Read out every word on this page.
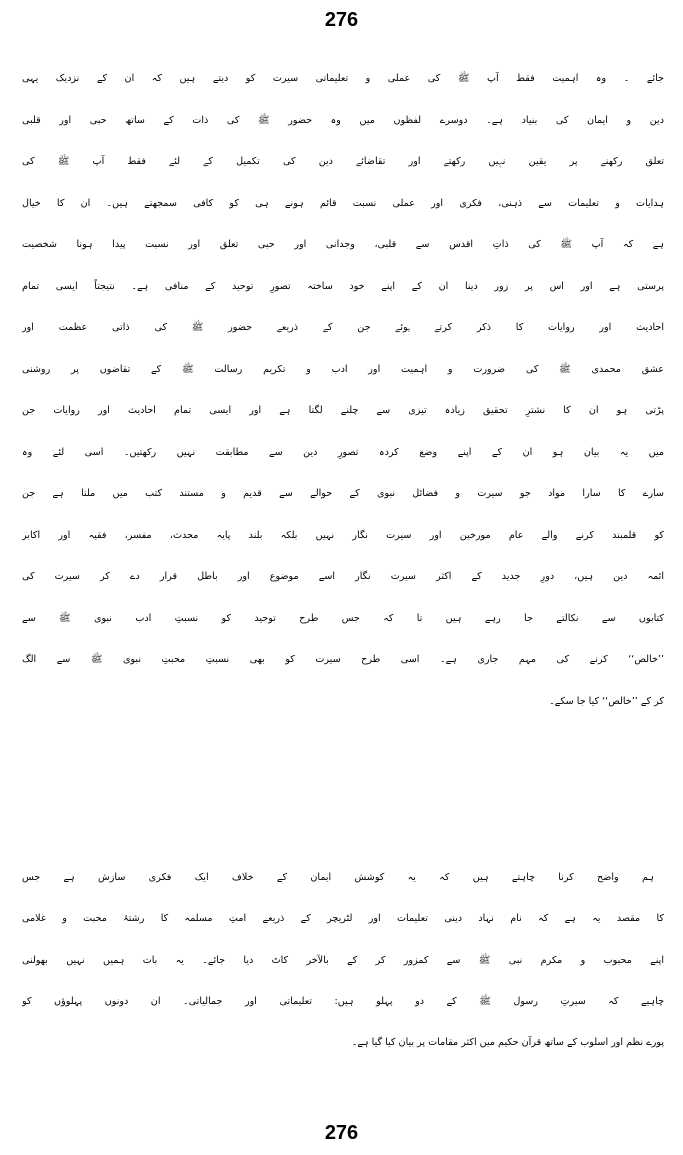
276
جائے ۔ وہ اہمیت فقط آپ ﷺ کی عملی و تعلیماتی سیرت کو دیتے ہیں کہ ان کے نزدیک یہی
دین و ایمان کی بنیاد ہے۔ دوسرے لفظوں میں وہ حضور ﷺ کی ذات کے ساتھ حبی اور قلبی
تعلق رکھنے پر یقین نہیں رکھتے اور تقاضائے دین کی تکمیل کے لئے فقط آپ ﷺ کی
ہدایات و تعلیمات سے ذہنی، فکری اور عملی نسبت قائم ہونے ہی کو کافی سمجھتے ہیں۔ ان کا خیال
ہے کہ آپ ﷺ کی ذاتِ اقدس سے قلبی، وجدانی اور حبی تعلق اور نسبت پیدا ہونا شخصیت
پرستی ہے اور اس پر زور دینا ان کے اپنے خود ساختہ تصورِ توحید کے منافی ہے۔ نتیجتاً ایسی تمام
احادیث اور روایات کا ذکر کرتے ہوئے جن کے ذریعے حضور ﷺ کی ذاتی عظمت اور
عشق محمدی ﷺ کی ضرورت و اہمیت اور ادب و تکریم رسالت ﷺ کے تقاضوں پر روشنی
پڑتی ہو ان کا نشترِ تحقیق زیادہ تیزی سے چلنے لگتا ہے اور ایسی تمام احادیث اور روایات جن
میں یہ بیان ہو ان کے اپنے وضع کردہ تصورِ دین سے مطابقت نہیں رکھتیں۔ اسی لئے وہ
سارے کا سارا مواد جو سیرت و فضائل نبوی کے حوالے سے قدیم و مستند کتب میں ملتا ہے جن
کو قلمبند کرنے والے عام مورخین اور سیرت نگار نہیں بلکہ بلند پایہ محدث، مفسر، فقیہ اور اکابر
ائمہ دین ہیں، دورِ جدید کے اکثر سیرت نگار اسے موضوع اور باطل قرار دے کر سیرت کی
کتابوں سے نکالتے جا رہے ہیں تا کہ جس طرح توحید کو نسبتِ ادب نبوی ﷺ سے
’’خالص‘‘ کرنے کی مہم جاری ہے۔ اسی طرح سیرت کو بھی نسبتِ محبتِ نبوی ﷺ سے الگ
کر کے ’’خالص‘‘ کیا جا سکے۔
ہم واضح کرنا چاہتے ہیں کہ یہ کوشش ایمان کے خلاف ایک فکری سازش ہے جس
کا مقصد یہ ہے کہ نام نہاد دینی تعلیمات اور لٹریچر کے ذریعے امتِ مسلمہ کا رشتۂ محبت و غلامی
اپنے محبوب و مکرم نبی ﷺ سے کمزور کر کے بالآخر کاٹ دیا جائے۔ یہ بات ہمیں نہیں بھولنی
چاہیے کہ سیرتِ رسول ﷺ کے دو پہلو ہیں: تعلیماتی اور جمالیاتی۔ ان دونوں پہلوؤں کو
پورے نظم اور اسلوب کے ساتھ قرآن حکیم میں اکثر مقامات پر بیان کیا گیا ہے۔
276
